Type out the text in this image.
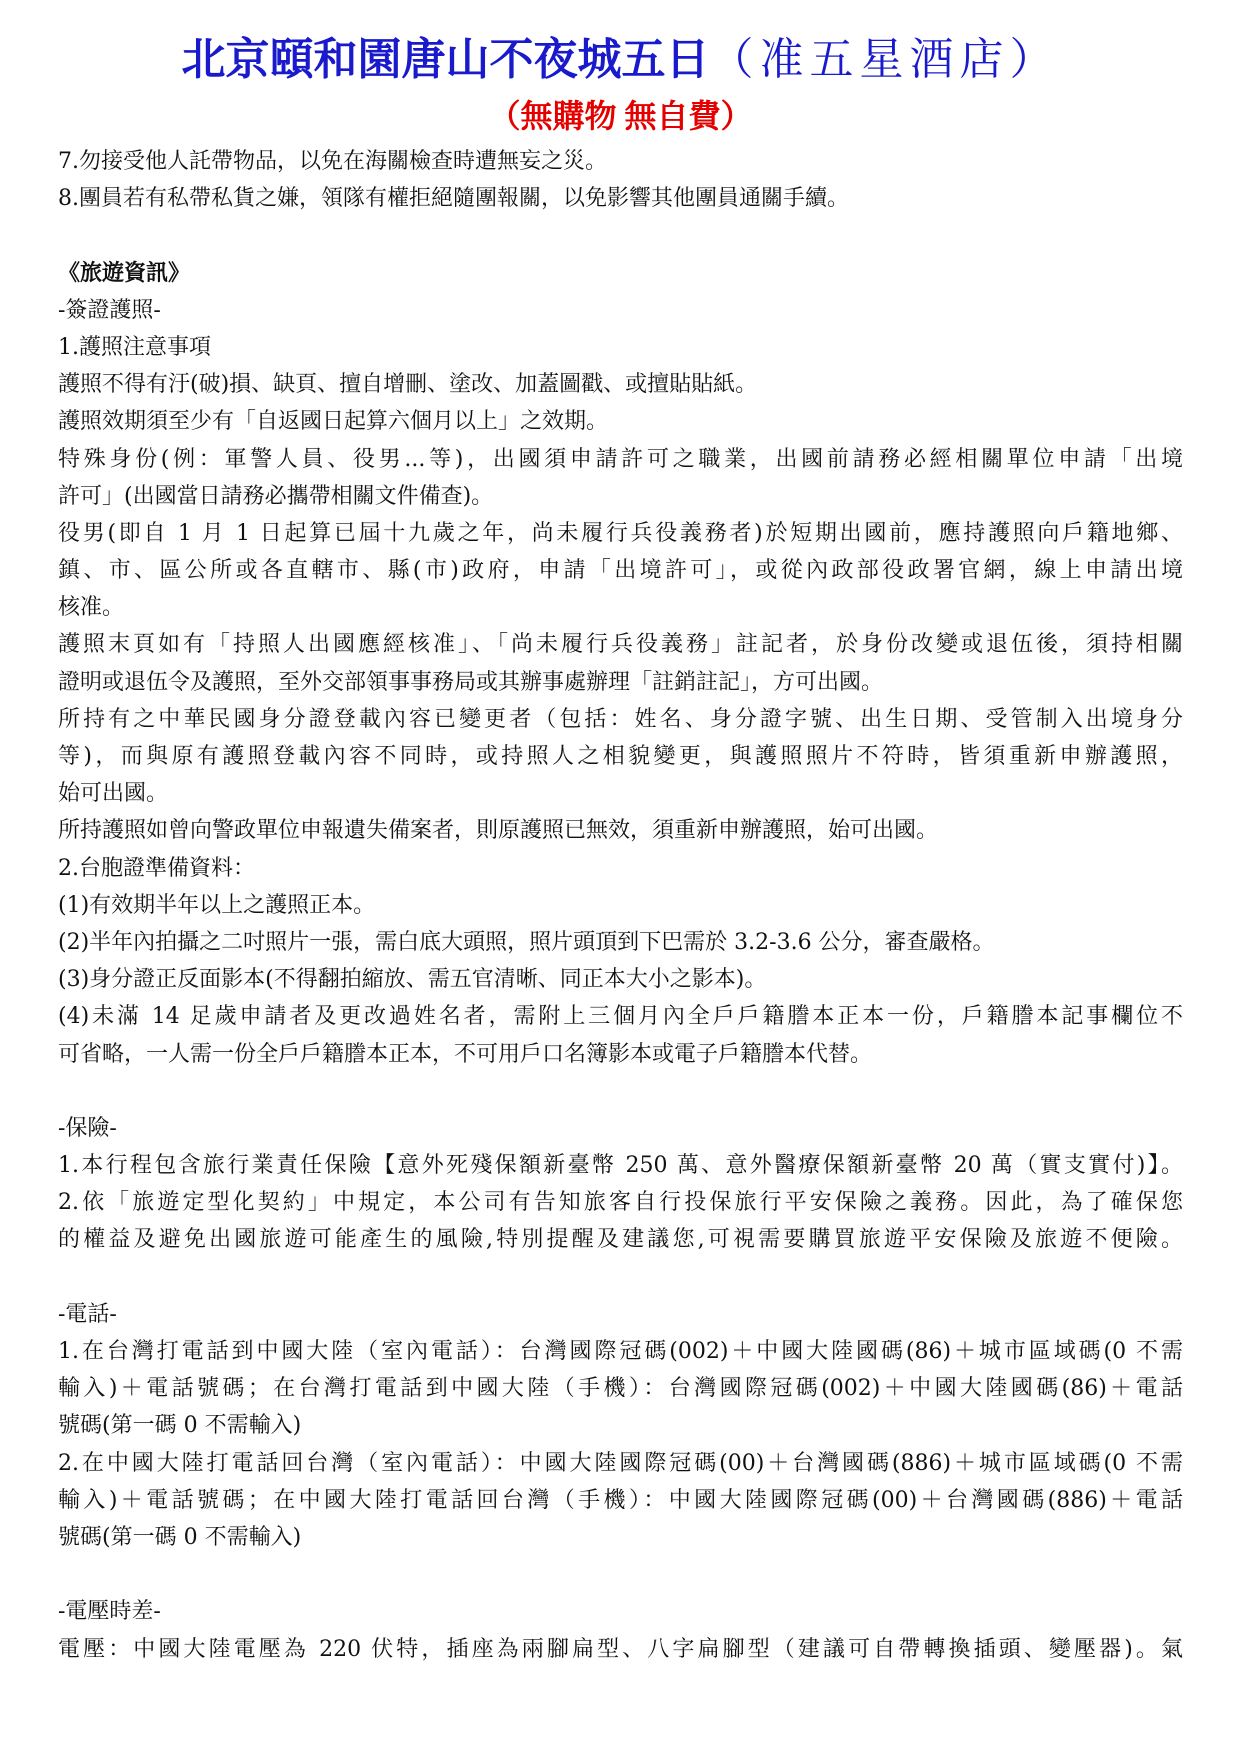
北京頤和園唐山不夜城五日（准五星酒店）
（無購物 無自費）
7.勿接受他人託帶物品，以免在海關檢查時遭無妄之災。
8.團員若有私帶私貨之嫌，領隊有權拒絕隨團報關，以免影響其他團員通關手續。
《旅遊資訊》
-簽證護照-
1.護照注意事項
護照不得有汙(破)損、缺頁、擅自增刪、塗改、加蓋圖戳、或擅貼貼紙。
護照效期須至少有「自返國日起算六個月以上」之效期。
特殊身份(例：軍警人員、役男...等)，出國須申請許可之職業，出國前請務必經相關單位申請「出境
許可」(出國當日請務必攜帶相關文件備查)。
役男(即自 1 月 1 日起算已屆十九歲之年，尚未履行兵役義務者)於短期出國前，應持護照向戶籍地鄉、
鎮、市、區公所或各直轄市、縣(市)政府，申請「出境許可」，或從內政部役政署官網，線上申請出境
核准。
護照末頁如有「持照人出國應經核准」、「尚未履行兵役義務」註記者，於身份改變或退伍後，須持相關
證明或退伍令及護照，至外交部領事事務局或其辦事處辦理「註銷註記」，方可出國。
所持有之中華民國身分證登載內容已變更者（包括：姓名、身分證字號、出生日期、受管制入出境身分
等)，而與原有護照登載內容不同時，或持照人之相貌變更，與護照照片不符時，皆須重新申辦護照，
始可出國。
所持護照如曾向警政單位申報遺失備案者，則原護照已無效，須重新申辦護照，始可出國。
2.台胞證準備資料：
(1)有效期半年以上之護照正本。
(2)半年內拍攝之二吋照片一張，需白底大頭照，照片頭頂到下巴需於 3.2-3.6 公分，審查嚴格。
(3)身分證正反面影本(不得翻拍縮放、需五官清晰、同正本大小之影本)。
(4)未滿 14 足歲申請者及更改過姓名者，需附上三個月內全戶戶籍謄本正本一份，戶籍謄本記事欄位不
可省略，一人需一份全戶戶籍謄本正本，不可用戶口名簿影本或電子戶籍謄本代替。
-保險-
1.本行程包含旅行業責任保險【意外死殘保額新臺幣 250 萬、意外醫療保額新臺幣 20 萬（實支實付)】。
2.依「旅遊定型化契約」中規定，本公司有告知旅客自行投保旅行平安保險之義務。因此，為了確保您
的權益及避免出國旅遊可能產生的風險,特別提醒及建議您,可視需要購買旅遊平安保險及旅遊不便險。
-電話-
1.在台灣打電話到中國大陸（室內電話）：台灣國際冠碼(002)＋中國大陸國碼(86)＋城市區域碼(0 不需
輸入)＋電話號碼；在台灣打電話到中國大陸（手機）：台灣國際冠碼(002)＋中國大陸國碼(86)＋電話
號碼(第一碼 0 不需輸入)
2.在中國大陸打電話回台灣（室內電話）：中國大陸國際冠碼(00)＋台灣國碼(886)＋城市區域碼(0 不需
輸入)＋電話號碼；在中國大陸打電話回台灣（手機）：中國大陸國際冠碼(00)＋台灣國碼(886)＋電話
號碼(第一碼 0 不需輸入)
-電壓時差-
電壓：中國大陸電壓為 220 伏特，插座為兩腳扁型、八字扁腳型（建議可自帶轉換插頭、變壓器)。氣
